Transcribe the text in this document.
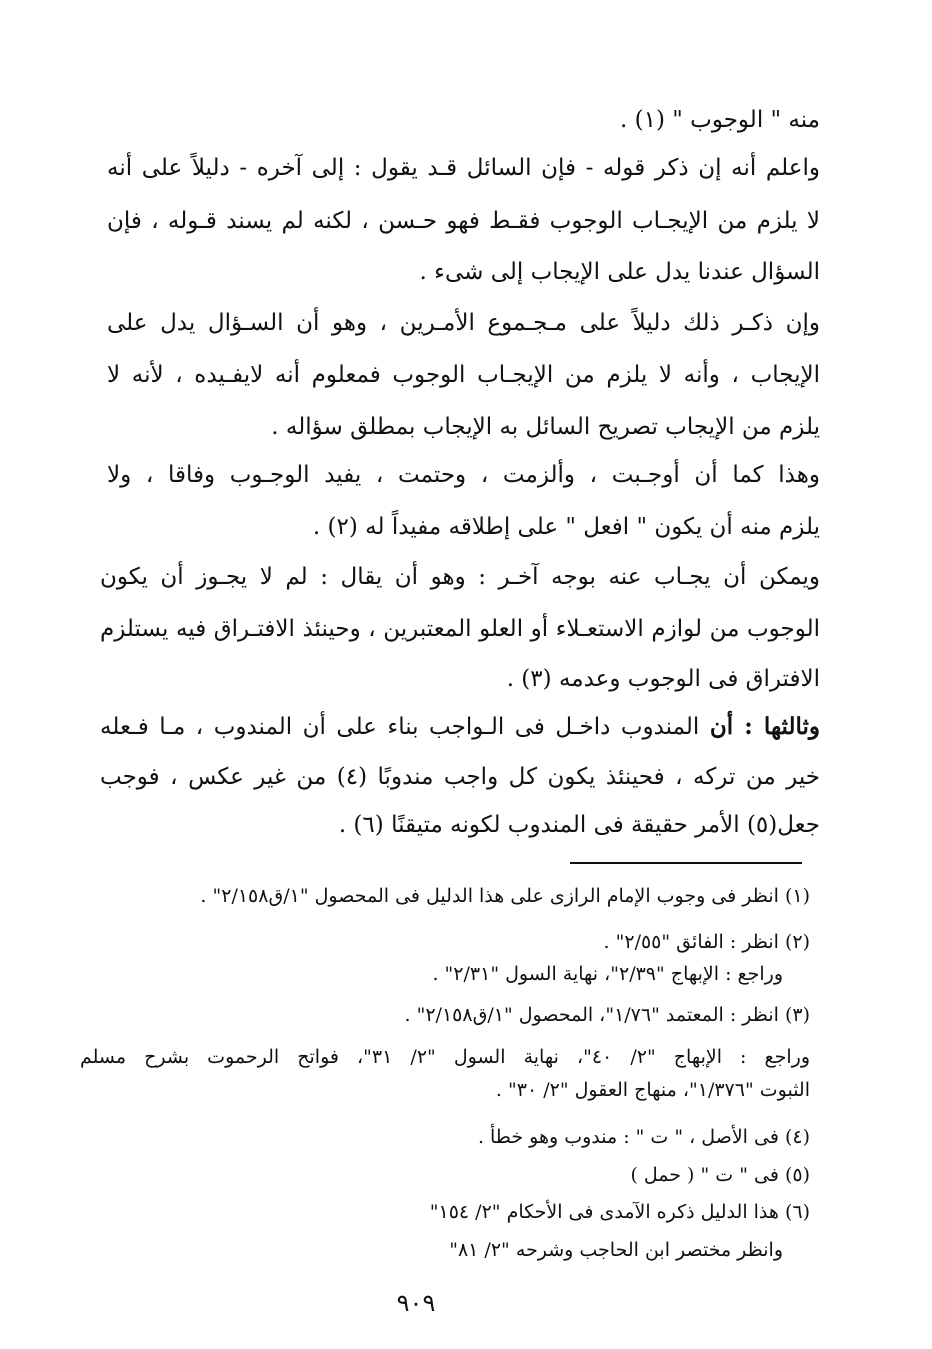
منه " الوجوب " (١) .
واعلم أنه إن ذكر قوله - فإن السائل قـد يقول : إلى آخره - دليلاً على أنه
لا يلزم من الإيجـاب الوجوب فقـط فهو حـسن ، لكنه لم يسند قـوله ، فإن
السؤال عندنا يدل على الإيجاب إلى شىء .
وإن ذكـر ذلك دليلاً على مـجـموع الأمـرين ، وهو أن السـؤال يدل على
الإيجاب ، وأنه لا يلزم من الإيجـاب الوجوب فمعلوم أنه لايفـيده ، لأنه لا
يلزم من الإيجاب تصريح السائل به الإيجاب بمطلق سؤاله .
وهذا كما أن أوجـبت ، وألزمت ، وحتمت ، يفيد الوجـوب وفاقا ، ولا
يلزم منه أن يكون " افعل " على إطلاقه مفيداً له (٢) .
ويمكن أن يجـاب عنه بوجه آخـر : وهو أن يقال : لم لا يجـوز أن يكون
الوجوب من لوازم الاستعـلاء أو العلو المعتبرين ، وحينئذ الافتـراق فيه يستلزم
الافتراق فى الوجوب وعدمه (٣) .
وثالثها : أن المندوب داخـل فى الـواجب بناء على أن المندوب ، مـا فـعله
خير من تركه ، فحينئذ يكون كل واجب مندوبًا (٤) من غير عكس ، فوجب
جعل(٥) الأمر حقيقة فى المندوب لكونه متيقنًا (٦) .
(١) انظر فى وجوب الإمام الرازى على هذا الدليل فى المحصول "١/ق٢/١٥٨" .
(٢) انظر : الفائق "٢/٥٥" .
وراجع : الإبهاج "٢/٣٩"، نهاية السول "٢/٣١" .
(٣) انظر : المعتمد "١/٧٦"، المحصول "١/ق٢/١٥٨" .
وراجع : الإبهاج "٢/ ٤٠"، نهاية السول "٢/ ٣١"، فواتح الرحموت بشرح مسلم
الثبوت "١/٣٧٦"، منهاج العقول "٢/ ٣٠" .
(٤) فى الأصل ، " ت " : مندوب وهو خطأ .
(٥) فى " ت " ( حمل )
(٦) هذا الدليل ذكره الآمدى فى الأحكام "٢/ ١٥٤"
وانظر مختصر ابن الحاجب وشرحه "٢/ ٨١"
٩٠٩
